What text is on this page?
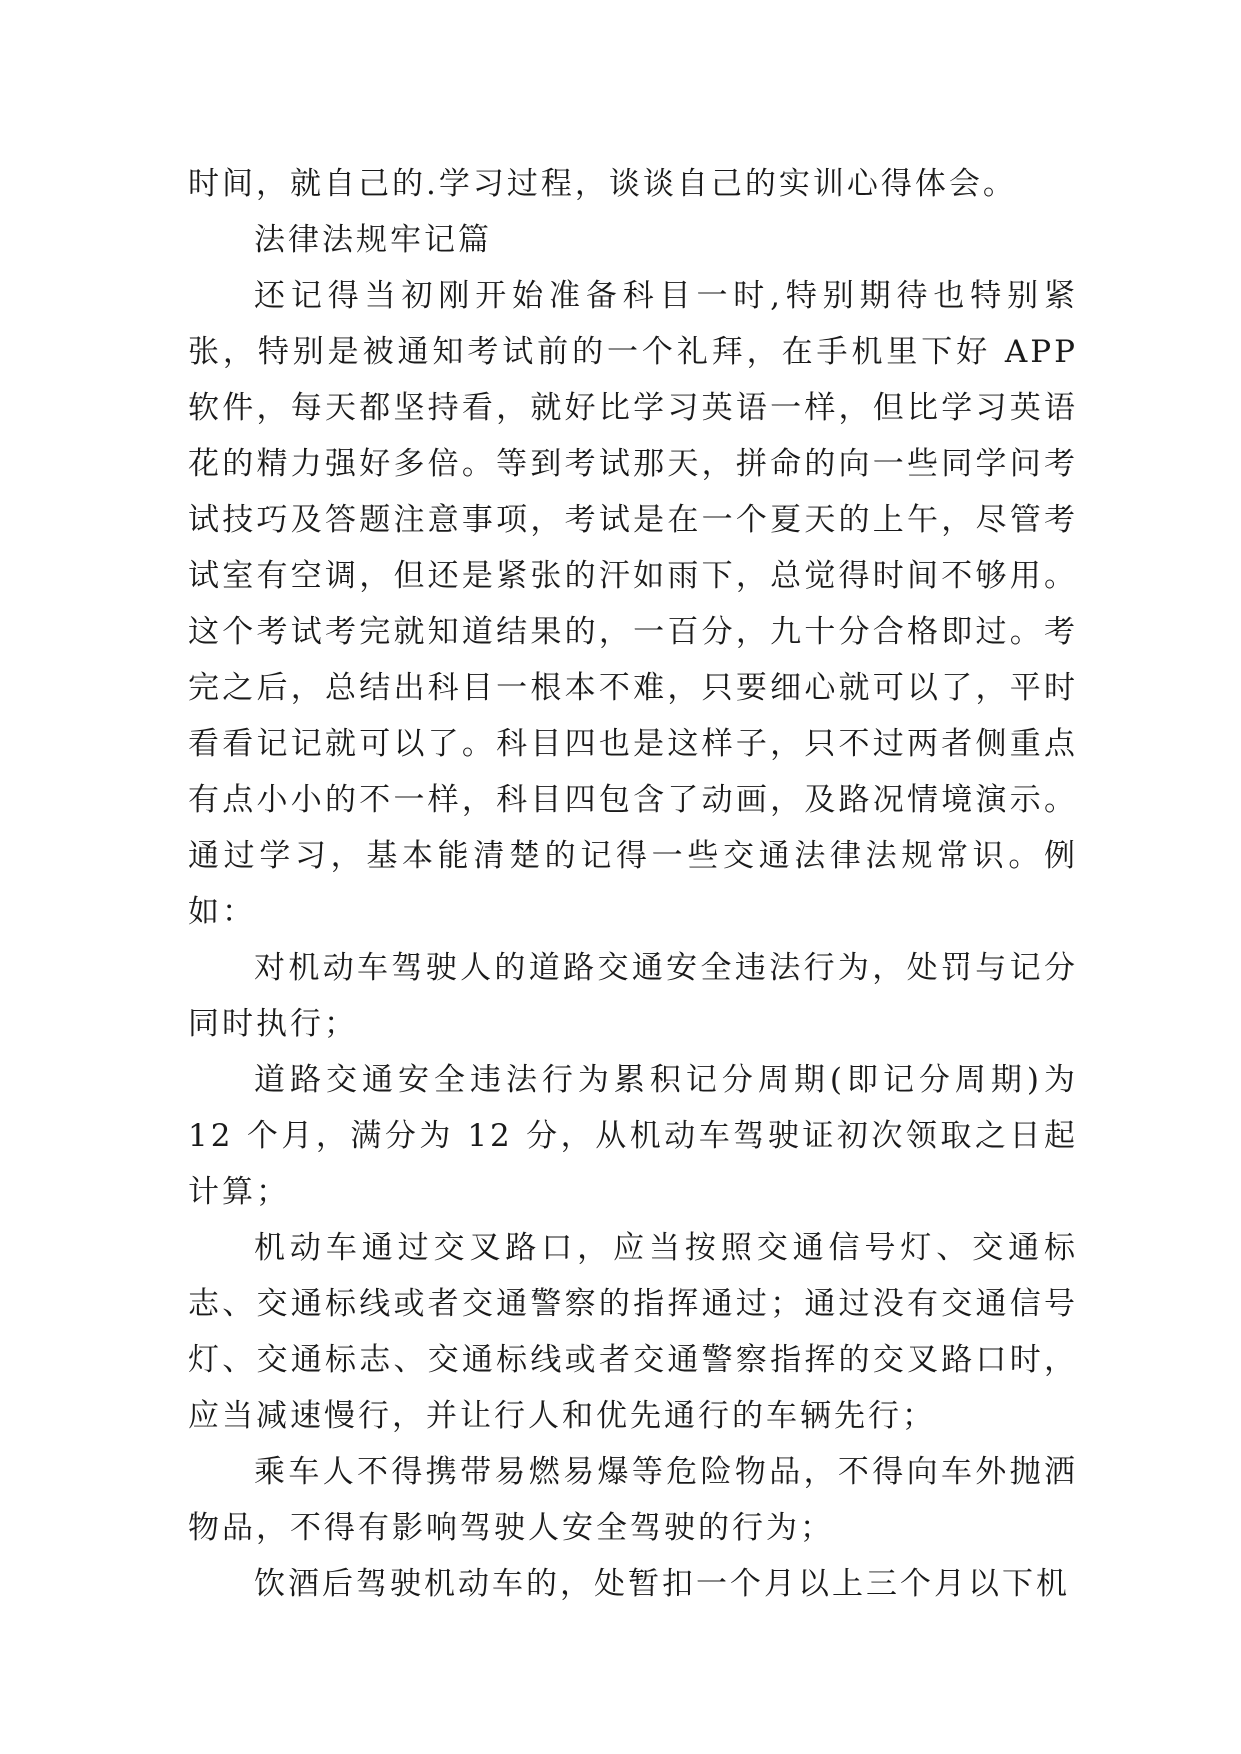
时间，就自己的.学习过程，谈谈自己的实训心得体会。

法律法规牢记篇

还记得当初刚开始准备科目一时,特别期待也特别紧张，特别是被通知考试前的一个礼拜，在手机里下好 APP 软件，每天都坚持看，就好比学习英语一样，但比学习英语花的精力强好多倍。等到考试那天，拼命的向一些同学问考试技巧及答题注意事项，考试是在一个夏天的上午，尽管考试室有空调，但还是紧张的汗如雨下，总觉得时间不够用。这个考试考完就知道结果的，一百分，九十分合格即过。考完之后，总结出科目一根本不难，只要细心就可以了，平时看看记记就可以了。科目四也是这样子，只不过两者侧重点有点小小的不一样，科目四包含了动画，及路况情境演示。通过学习，基本能清楚的记得一些交通法律法规常识。例如：

对机动车驾驶人的道路交通安全违法行为，处罚与记分同时执行；

道路交通安全违法行为累积记分周期(即记分周期)为 12 个月，满分为 12 分，从机动车驾驶证初次领取之日起计算；

机动车通过交叉路口，应当按照交通信号灯、交通标志、交通标线或者交通警察的指挥通过；通过没有交通信号灯、交通标志、交通标线或者交通警察指挥的交叉路口时，应当减速慢行，并让行人和优先通行的车辆先行；

乘车人不得携带易燃易爆等危险物品，不得向车外抛洒物品，不得有影响驾驶人安全驾驶的行为；

饮酒后驾驶机动车的，处暂扣一个月以上三个月以下机
